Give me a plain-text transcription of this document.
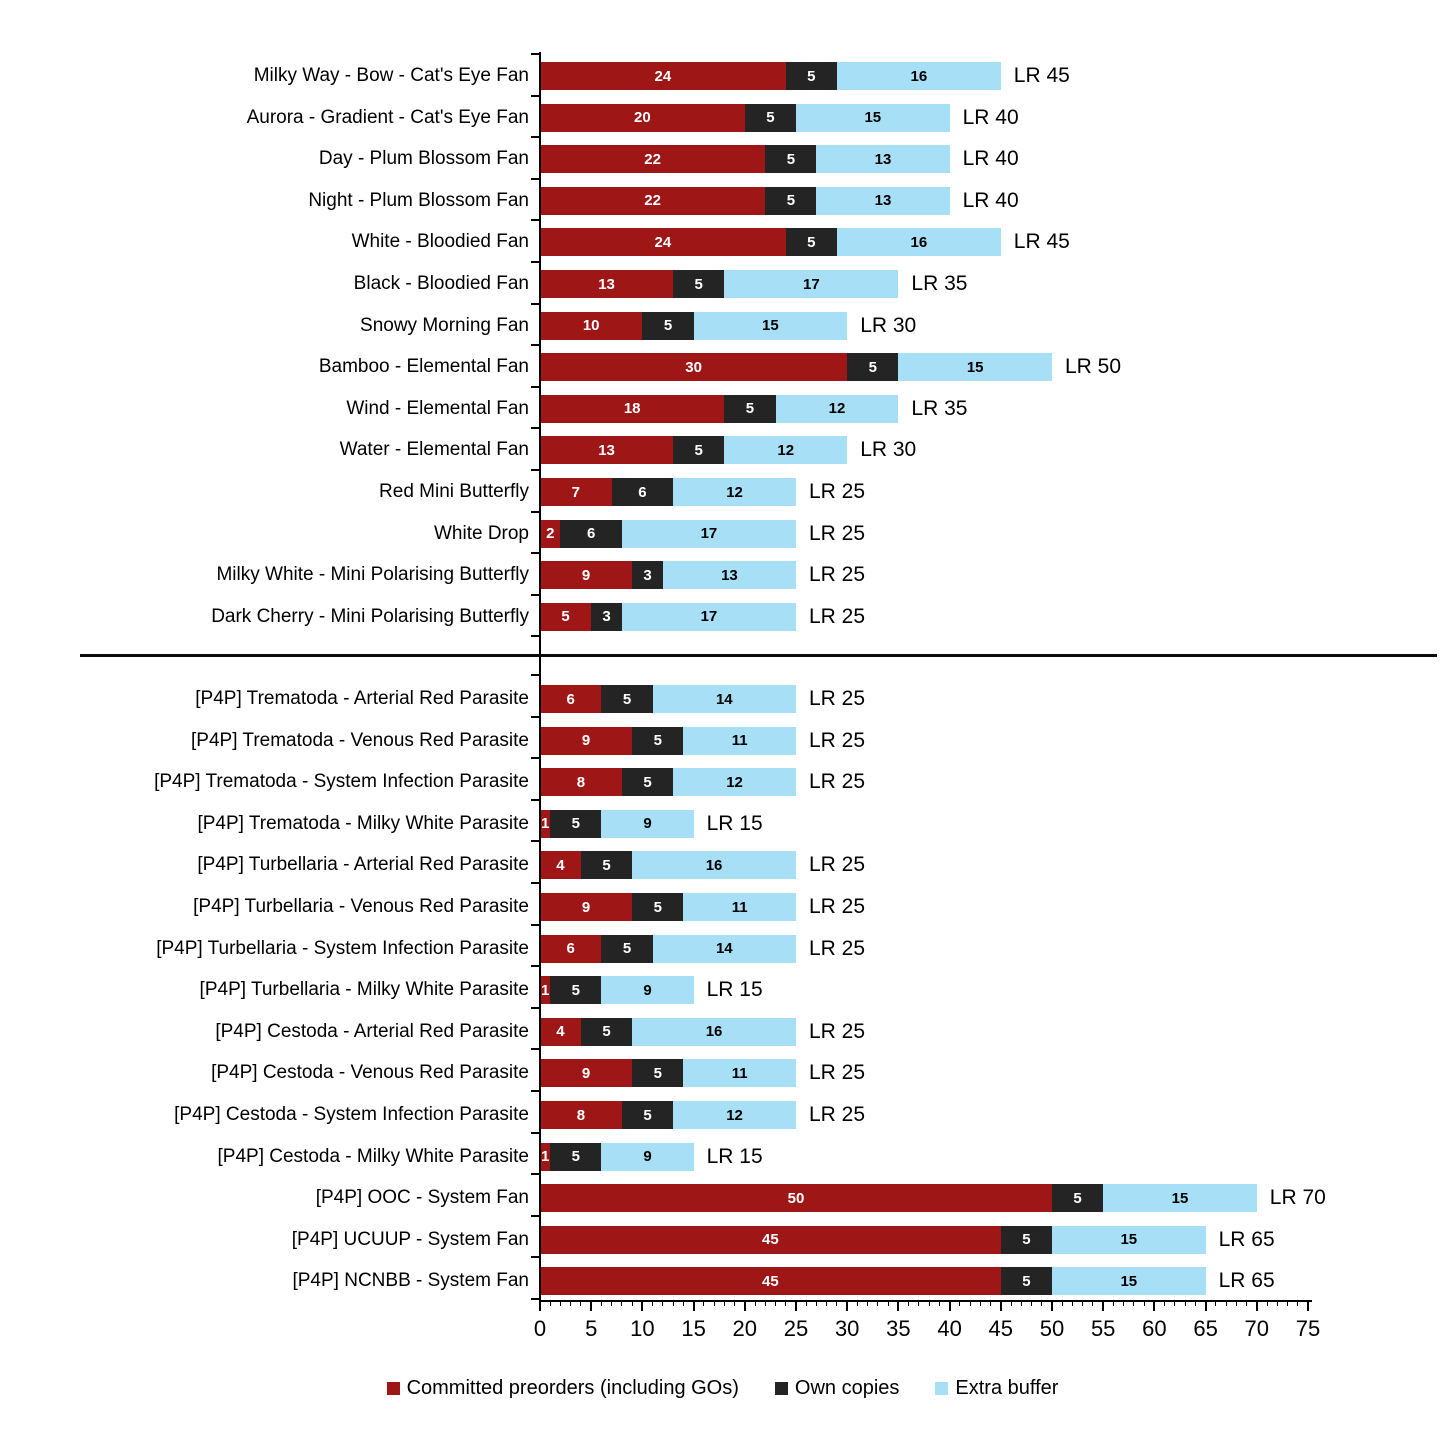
Milky Way - Bow - Cat's Eye Fan	24	5	16	LR 45
Aurora - Gradient - Cat's Eye Fan	20	5	15	LR 40
Day - Plum Blossom Fan	22	5	13	LR 40
Night - Plum Blossom Fan	22	5	13	LR 40
White - Bloodied Fan	24	5	16	LR 45
Black - Bloodied Fan	13	5	17	LR 35
Snowy Morning Fan	10	5	15	LR 30
Bamboo - Elemental Fan	30	5	15	LR 50
Wind - Elemental Fan	18	5	12	LR 35
Water - Elemental Fan	13	5	12	LR 30
Red Mini Butterfly	7	6	12	LR 25
White Drop 2 6	17	LR 25
Milky White - Mini Polarising Butterfly	9	3	13	LR 25
Dark Cherry - Mini Polarising Butterfly 5 3	17	LR 25
[P4P] Trematoda - Arterial Red Parasite	6	5	14	LR 25
[P4P] Trematoda - Venous Red Parasite	9	5	11	LR 25
[P4P] Trematoda - System Infection Parasite	8	5	12	LR 25
[P4P] Trematoda - Milky White Parasite 1 5	9	LR 15
[P4P] Turbellaria - Arterial Red Parasite 4	5	16	LR 25
[P4P] Turbellaria - Venous Red Parasite	9	5	11	LR 25
[P4P] Turbellaria - System Infection Parasite	6	5	14	LR 25
[P4P] Turbellaria - Milky White Parasite 1 5	9	LR 15
[P4P] Cestoda - Arterial Red Parasite 4	5	16	LR 25
[P4P] Cestoda - Venous Red Parasite	9	5	11	LR 25
[P4P] Cestoda - System Infection Parasite	8	5	12	LR 25
[P4P] Cestoda - Milky White Parasite 1 5	9	LR 15
[P4P] OOC - System Fan	50	5	15	LR 70
[P4P] UCUUP - System Fan	45	5	15	LR 65
[P4P] NCNBB - System Fan	45	5	15	LR 65
0 5 10 15 20 25 30 35 40 45 50 55 60 65 70 75
Committed preorders (including GOs)	Own copies	Extra buffer
